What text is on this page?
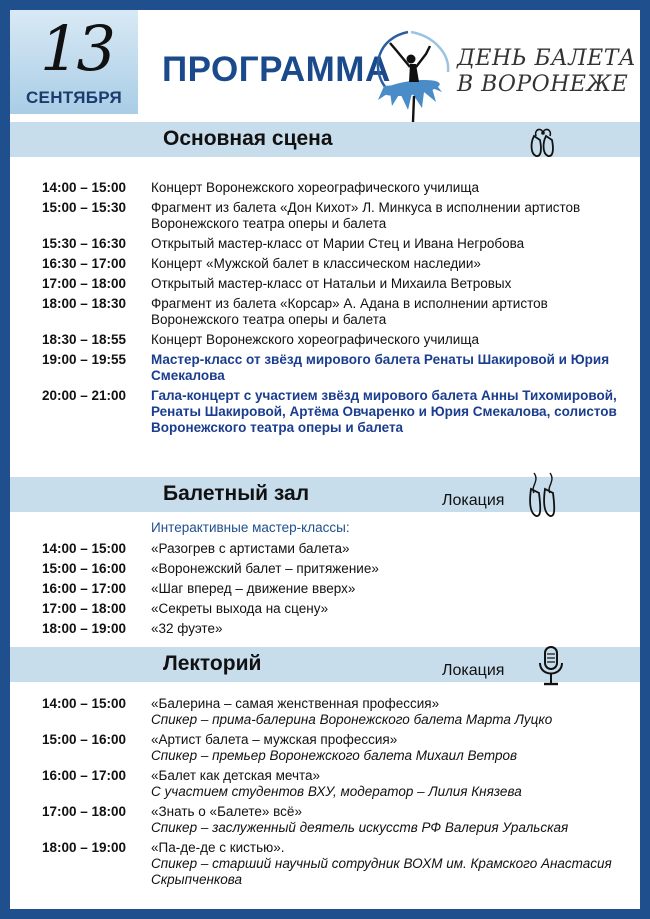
13
СЕНТЯБРЯ
ПРОГРАММА	ДЕНЬ БАЛЕТА
В ВОРОНЕЖЕ
Основная сцена
14:00 – 15:00	Концерт Воронежского хореографического училища
15:00 – 15:30	Фрагмент из балета «Дон Кихот» Л. Минкуса в исполнении артистов Воронежского театра оперы и балета
15:30 – 16:30	Открытый мастер-класс от Марии Стец и Ивана Негробова
16:30 – 17:00	Концерт «Мужской балет в классическом наследии»
17:00 – 18:00	Открытый мастер-класс от Натальи и Михаила Ветровых
18:00 – 18:30	Фрагмент из балета «Корсар» А. Адана в исполнении артистов Воронежского театра оперы и балета
18:30 – 18:55	Концерт Воронежского хореографического училища
19:00 – 19:55	Мастер-класс от звёзд мирового балета Ренаты Шакировой и Юрия Смекалова
20:00 – 21:00	Гала-концерт с участием звёзд мирового балета Анны Тихомировой, Ренаты Шакировой, Артёма Овчаренко и Юрия Смекалова, солистов Воронежского театра оперы и балета
Балетный зал	Локация
Интерактивные мастер-классы:
14:00 – 15:00	«Разогрев с артистами балета»
15:00 – 16:00	«Воронежский балет – притяжение»
16:00 – 17:00	«Шаг вперед – движение вверх»
17:00 – 18:00	«Секреты выхода на сцену»
18:00 – 19:00	«32 фуэте»
Лекторий	Локация
14:00 – 15:00	«Балерина – самая женственная профессия»
Спикер – прима-балерина Воронежского балета Марта Луцко
15:00 – 16:00	«Артист балета – мужская профессия»
Спикер – премьер Воронежского балета Михаил Ветров
16:00 – 17:00	«Балет как детская мечта»
С участием студентов ВХУ, модератор – Лилия Князева
17:00 – 18:00	«Знать о «Балете» всё»
Спикер – заслуженный деятель искусств РФ Валерия Уральская
18:00 – 19:00	«Па-де-де с кистью».
Спикер – старший научный сотрудник ВОХМ им. Крамского Анастасия Скрыпченкова
